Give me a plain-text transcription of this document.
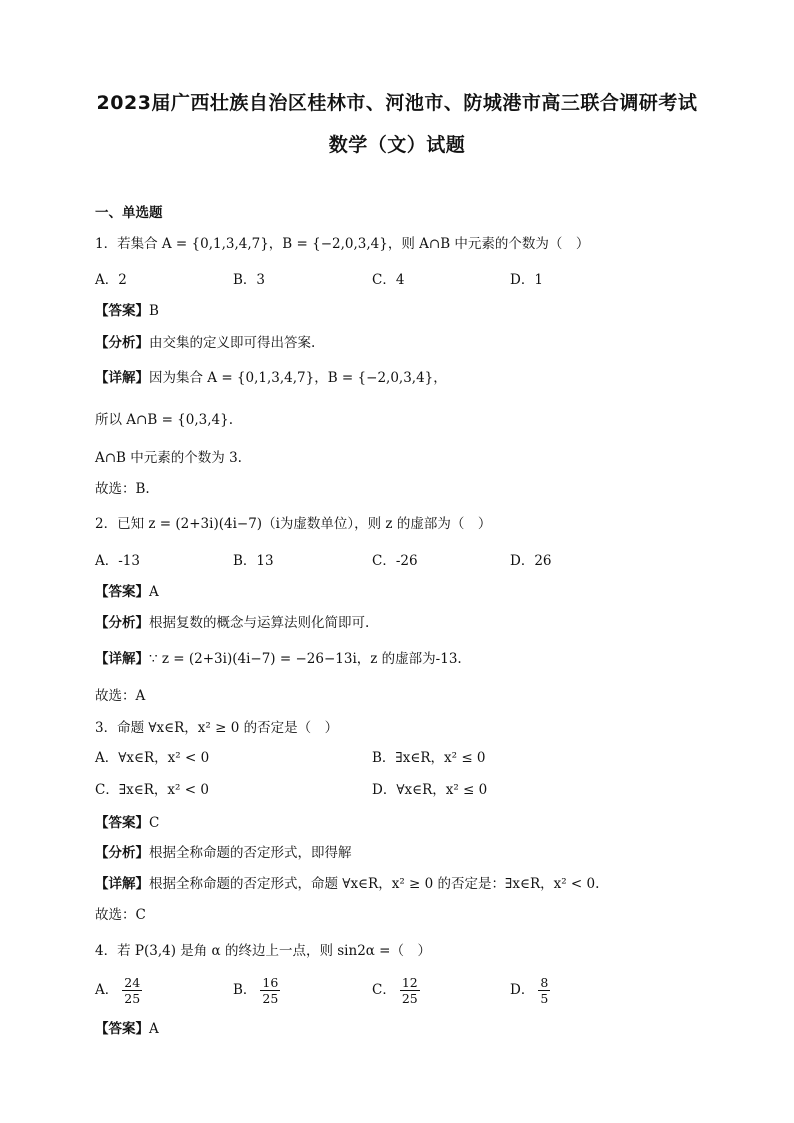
2023届广西壮族自治区桂林市、河池市、防城港市高三联合调研考试
数学（文）试题
一、单选题
1．若集合 A = {0,1,3,4,7}，B = {−2,0,3,4}，则 A∩B 中元素的个数为（　）
A．2	B．3	C．4	D．1
【答案】B
【分析】由交集的定义即可得出答案.
【详解】因为集合 A = {0,1,3,4,7}，B = {−2,0,3,4}，
所以 A∩B = {0,3,4}.
A∩B 中元素的个数为 3.
故选：B.
2．已知 z = (2+3i)(4i−7)（i为虚数单位），则 z 的虚部为（　）
A．-13	B．13	C．-26	D．26
【答案】A
【分析】根据复数的概念与运算法则化简即可.
【详解】∵ z = (2+3i)(4i−7) = −26−13i，z 的虚部为-13.
故选：A
3．命题 ∀x∈R，x² ≥ 0 的否定是（　）
A．∀x∈R，x² < 0	B．∃x∈R，x² ≤ 0
C．∃x∈R，x² < 0	D．∀x∈R，x² ≤ 0
【答案】C
【分析】根据全称命题的否定形式，即得解
【详解】根据全称命题的否定形式，命题 ∀x∈R，x² ≥ 0 的否定是：∃x∈R，x² < 0.
故选：C
4．若 P(3,4) 是角 α 的终边上一点，则 sin2α =（　）
A． $\frac{24}{25}$	B． $\frac{16}{25}$	C． $\frac{12}{25}$	D． $\frac{8}{5}$
【答案】A
